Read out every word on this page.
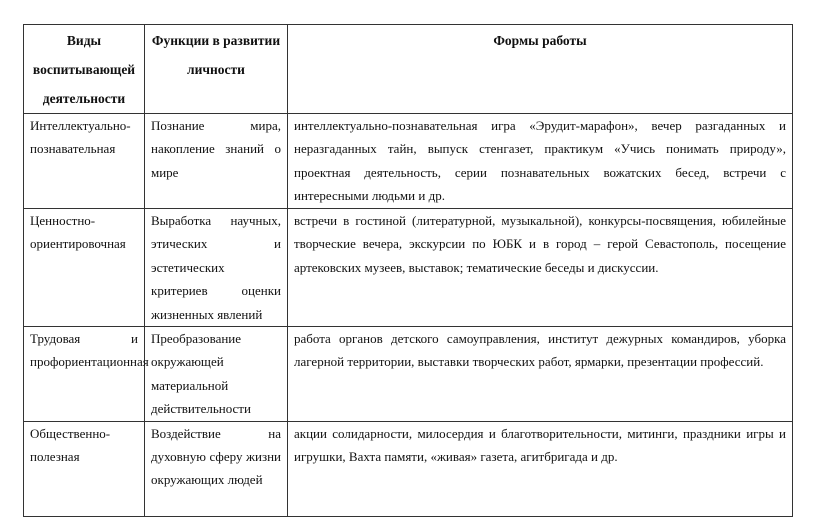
Виды воспитывающей деятельности	Функции в развитии личности	Формы работы
Интеллектуально-познавательная	Познание мира, накопление знаний о мире	интеллектуально-познавательная игра «Эрудит-марафон», вечер разгаданных и неразгаданных тайн, выпуск стенгазет, практикум «Учись понимать природу», проектная деятельность, серии познавательных вожатских бесед, встречи с интересными людьми и др.
Ценностно-ориентировочная	Выработка научных, этических и эстетических критериев оценки жизненных явлений	встречи в гостиной (литературной, музыкальной), конкурсы-посвящения, юбилейные творческие вечера, экскурсии по ЮБК и в город – герой Севастополь, посещение артековских музеев, выставок; тематические беседы и дискуссии.
Трудовая и профориентационная	Преобразование окружающей материальной действительности	работа органов детского самоуправления, институт дежурных командиров, уборка лагерной территории, выставки творческих работ, ярмарки, презентации профессий.
Общественно-полезная	Воздействие на духовную сферу жизни окружающих людей	акции солидарности, милосердия и благотворительности, митинги, праздники игры и игрушки, Вахта памяти, «живая» газета, агитбригада и др.
